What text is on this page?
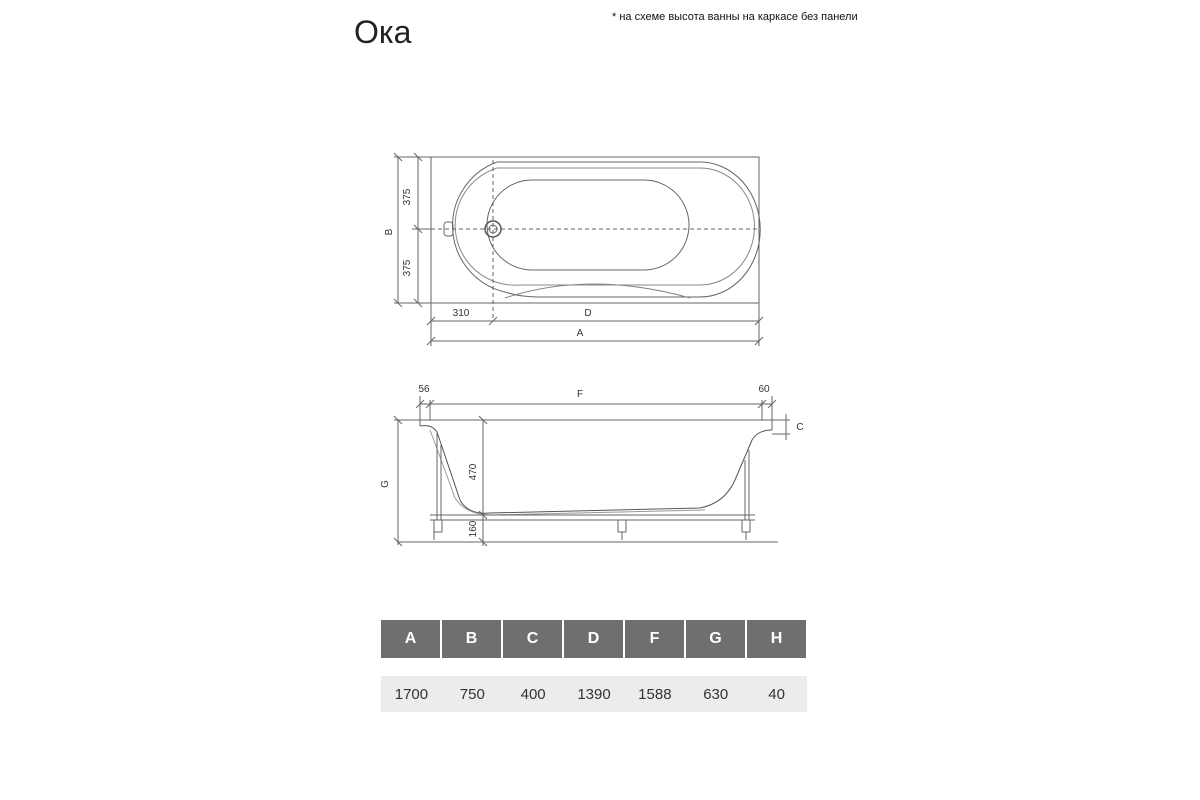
Ока	* на схеме высота ванны на каркасе без панели
375
375
B
310	D
A
56	F	60
C
G
470
160
A	B	C	D	F	G	H
1700	750	400	1390	1588	630	40
